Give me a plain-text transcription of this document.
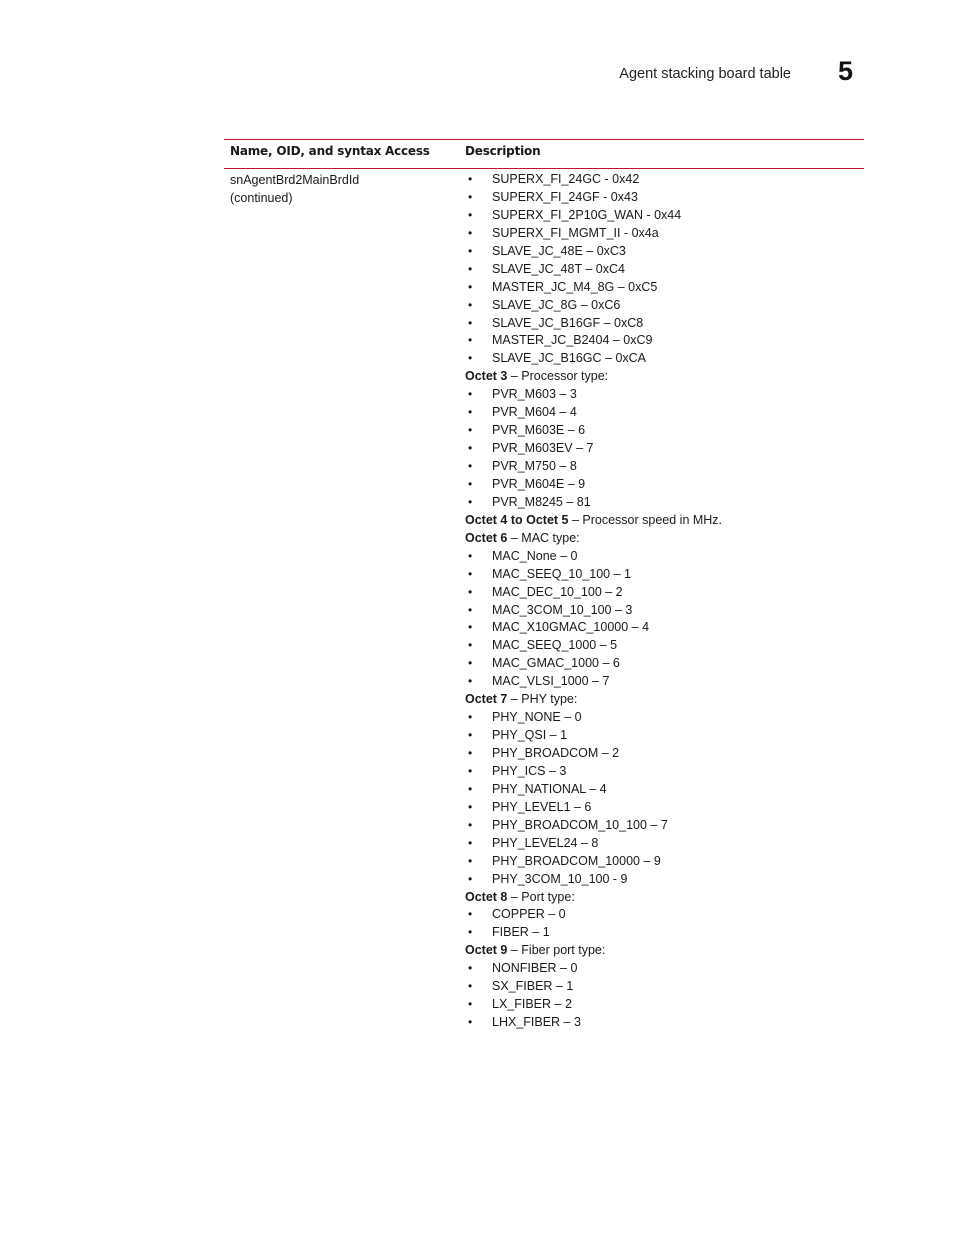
Agent stacking board table 5
Name, OID, and syntax Access	Description
snAgentBrd2MainBrdId
(continued)
• SUPERX_FI_24GC - 0x42
• SUPERX_FI_24GF - 0x43
• SUPERX_FI_2P10G_WAN - 0x44
• SUPERX_FI_MGMT_II - 0x4a
• SLAVE_JC_48E – 0xC3
• SLAVE_JC_48T – 0xC4
• MASTER_JC_M4_8G – 0xC5
• SLAVE_JC_8G – 0xC6
• SLAVE_JC_B16GF – 0xC8
• MASTER_JC_B2404 – 0xC9
• SLAVE_JC_B16GC – 0xCA
Octet 3 – Processor type:
• PVR_M603 – 3
• PVR_M604 – 4
• PVR_M603E – 6
• PVR_M603EV – 7
• PVR_M750 – 8
• PVR_M604E – 9
• PVR_M8245 – 81
Octet 4 to Octet 5 – Processor speed in MHz.
Octet 6 – MAC type:
• MAC_None – 0
• MAC_SEEQ_10_100 – 1
• MAC_DEC_10_100 – 2
• MAC_3COM_10_100 – 3
• MAC_X10GMAC_10000 – 4
• MAC_SEEQ_1000 – 5
• MAC_GMAC_1000 – 6
• MAC_VLSI_1000 – 7
Octet 7 – PHY type:
• PHY_NONE – 0
• PHY_QSI – 1
• PHY_BROADCOM – 2
• PHY_ICS – 3
• PHY_NATIONAL – 4
• PHY_LEVEL1 – 6
• PHY_BROADCOM_10_100 – 7
• PHY_LEVEL24 – 8
• PHY_BROADCOM_10000 – 9
• PHY_3COM_10_100 - 9
Octet 8 – Port type:
• COPPER – 0
• FIBER – 1
Octet 9 – Fiber port type:
• NONFIBER – 0
• SX_FIBER – 1
• LX_FIBER – 2
• LHX_FIBER – 3
